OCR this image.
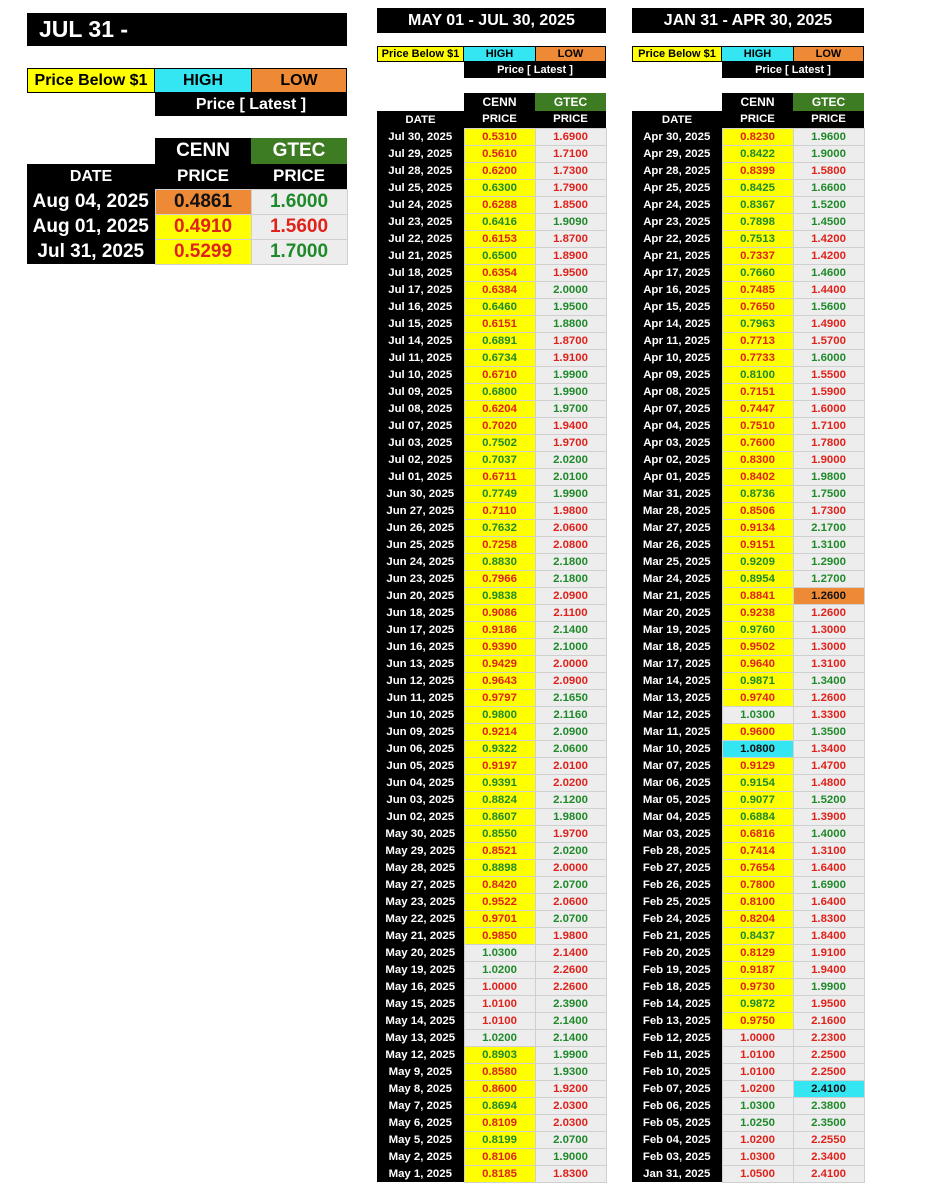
JUL 31 -
Price Below $1	HIGH	LOW
Price [ Latest ]
	CENN	GTEC
DATE	PRICE	PRICE
Aug 04, 2025	0.4861	1.6000
Aug 01, 2025	0.4910	1.5600
Jul 31, 2025	0.5299	1.7000
MAY 01 - JUL 30, 2025
Price Below $1	HIGH	LOW
Price [ Latest ]
	CENN	GTEC
DATE	PRICE	PRICE
Jul 30, 2025	0.5310	1.6900
Jul 29, 2025	0.5610	1.7100
Jul 28, 2025	0.6200	1.7300
Jul 25, 2025	0.6300	1.7900
Jul 24, 2025	0.6288	1.8500
Jul 23, 2025	0.6416	1.9090
Jul 22, 2025	0.6153	1.8700
Jul 21, 2025	0.6500	1.8900
Jul 18, 2025	0.6354	1.9500
Jul 17, 2025	0.6384	2.0000
Jul 16, 2025	0.6460	1.9500
Jul 15, 2025	0.6151	1.8800
Jul 14, 2025	0.6891	1.8700
Jul 11, 2025	0.6734	1.9100
Jul 10, 2025	0.6710	1.9900
Jul 09, 2025	0.6800	1.9900
Jul 08, 2025	0.6204	1.9700
Jul 07, 2025	0.7020	1.9400
Jul 03, 2025	0.7502	1.9700
Jul 02, 2025	0.7037	2.0200
Jul 01, 2025	0.6711	2.0100
Jun 30, 2025	0.7749	1.9900
Jun 27, 2025	0.7110	1.9800
Jun 26, 2025	0.7632	2.0600
Jun 25, 2025	0.7258	2.0800
Jun 24, 2025	0.8830	2.1800
Jun 23, 2025	0.7966	2.1800
Jun 20, 2025	0.9838	2.0900
Jun 18, 2025	0.9086	2.1100
Jun 17, 2025	0.9186	2.1400
Jun 16, 2025	0.9390	2.1000
Jun 13, 2025	0.9429	2.0000
Jun 12, 2025	0.9643	2.0900
Jun 11, 2025	0.9797	2.1650
Jun 10, 2025	0.9800	2.1160
Jun 09, 2025	0.9214	2.0900
Jun 06, 2025	0.9322	2.0600
Jun 05, 2025	0.9197	2.0100
Jun 04, 2025	0.9391	2.0200
Jun 03, 2025	0.8824	2.1200
Jun 02, 2025	0.8607	1.9800
May 30, 2025	0.8550	1.9700
May 29, 2025	0.8521	2.0200
May 28, 2025	0.8898	2.0000
May 27, 2025	0.8420	2.0700
May 23, 2025	0.9522	2.0600
May 22, 2025	0.9701	2.0700
May 21, 2025	0.9850	1.9800
May 20, 2025	1.0300	2.1400
May 19, 2025	1.0200	2.2600
May 16, 2025	1.0000	2.2600
May 15, 2025	1.0100	2.3900
May 14, 2025	1.0100	2.1400
May 13, 2025	1.0200	2.1400
May 12, 2025	0.8903	1.9900
May 9, 2025	0.8580	1.9300
May 8, 2025	0.8600	1.9200
May 7, 2025	0.8694	2.0300
May 6, 2025	0.8109	2.0300
May 5, 2025	0.8199	2.0700
May 2, 2025	0.8106	1.9000
May 1, 2025	0.8185	1.8300
JAN 31 - APR 30, 2025
Price Below $1	HIGH	LOW
Price [ Latest ]
	CENN	GTEC
DATE	PRICE	PRICE
Apr 30, 2025	0.8230	1.9600
Apr 29, 2025	0.8422	1.9000
Apr 28, 2025	0.8399	1.5800
Apr 25, 2025	0.8425	1.6600
Apr 24, 2025	0.8367	1.5200
Apr 23, 2025	0.7898	1.4500
Apr 22, 2025	0.7513	1.4200
Apr 21, 2025	0.7337	1.4200
Apr 17, 2025	0.7660	1.4600
Apr 16, 2025	0.7485	1.4400
Apr 15, 2025	0.7650	1.5600
Apr 14, 2025	0.7963	1.4900
Apr 11, 2025	0.7713	1.5700
Apr 10, 2025	0.7733	1.6000
Apr 09, 2025	0.8100	1.5500
Apr 08, 2025	0.7151	1.5900
Apr 07, 2025	0.7447	1.6000
Apr 04, 2025	0.7510	1.7100
Apr 03, 2025	0.7600	1.7800
Apr 02, 2025	0.8300	1.9000
Apr 01, 2025	0.8402	1.9800
Mar 31, 2025	0.8736	1.7500
Mar 28, 2025	0.8506	1.7300
Mar 27, 2025	0.9134	2.1700
Mar 26, 2025	0.9151	1.3100
Mar 25, 2025	0.9209	1.2900
Mar 24, 2025	0.8954	1.2700
Mar 21, 2025	0.8841	1.2600
Mar 20, 2025	0.9238	1.2600
Mar 19, 2025	0.9760	1.3000
Mar 18, 2025	0.9502	1.3000
Mar 17, 2025	0.9640	1.3100
Mar 14, 2025	0.9871	1.3400
Mar 13, 2025	0.9740	1.2600
Mar 12, 2025	1.0300	1.3300
Mar 11, 2025	0.9600	1.3500
Mar 10, 2025	1.0800	1.3400
Mar 07, 2025	0.9129	1.4700
Mar 06, 2025	0.9154	1.4800
Mar 05, 2025	0.9077	1.5200
Mar 04, 2025	0.6884	1.3900
Mar 03, 2025	0.6816	1.4000
Feb 28, 2025	0.7414	1.3100
Feb 27, 2025	0.7654	1.6400
Feb 26, 2025	0.7800	1.6900
Feb 25, 2025	0.8100	1.6400
Feb 24, 2025	0.8204	1.8300
Feb 21, 2025	0.8437	1.8400
Feb 20, 2025	0.8129	1.9100
Feb 19, 2025	0.9187	1.9400
Feb 18, 2025	0.9730	1.9900
Feb 14, 2025	0.9872	1.9500
Feb 13, 2025	0.9750	2.1600
Feb 12, 2025	1.0000	2.2300
Feb 11, 2025	1.0100	2.2500
Feb 10, 2025	1.0100	2.2500
Feb 07, 2025	1.0200	2.4100
Feb 06, 2025	1.0300	2.3800
Feb 05, 2025	1.0250	2.3500
Feb 04, 2025	1.0200	2.2550
Feb 03, 2025	1.0300	2.3400
Jan 31, 2025	1.0500	2.4100
